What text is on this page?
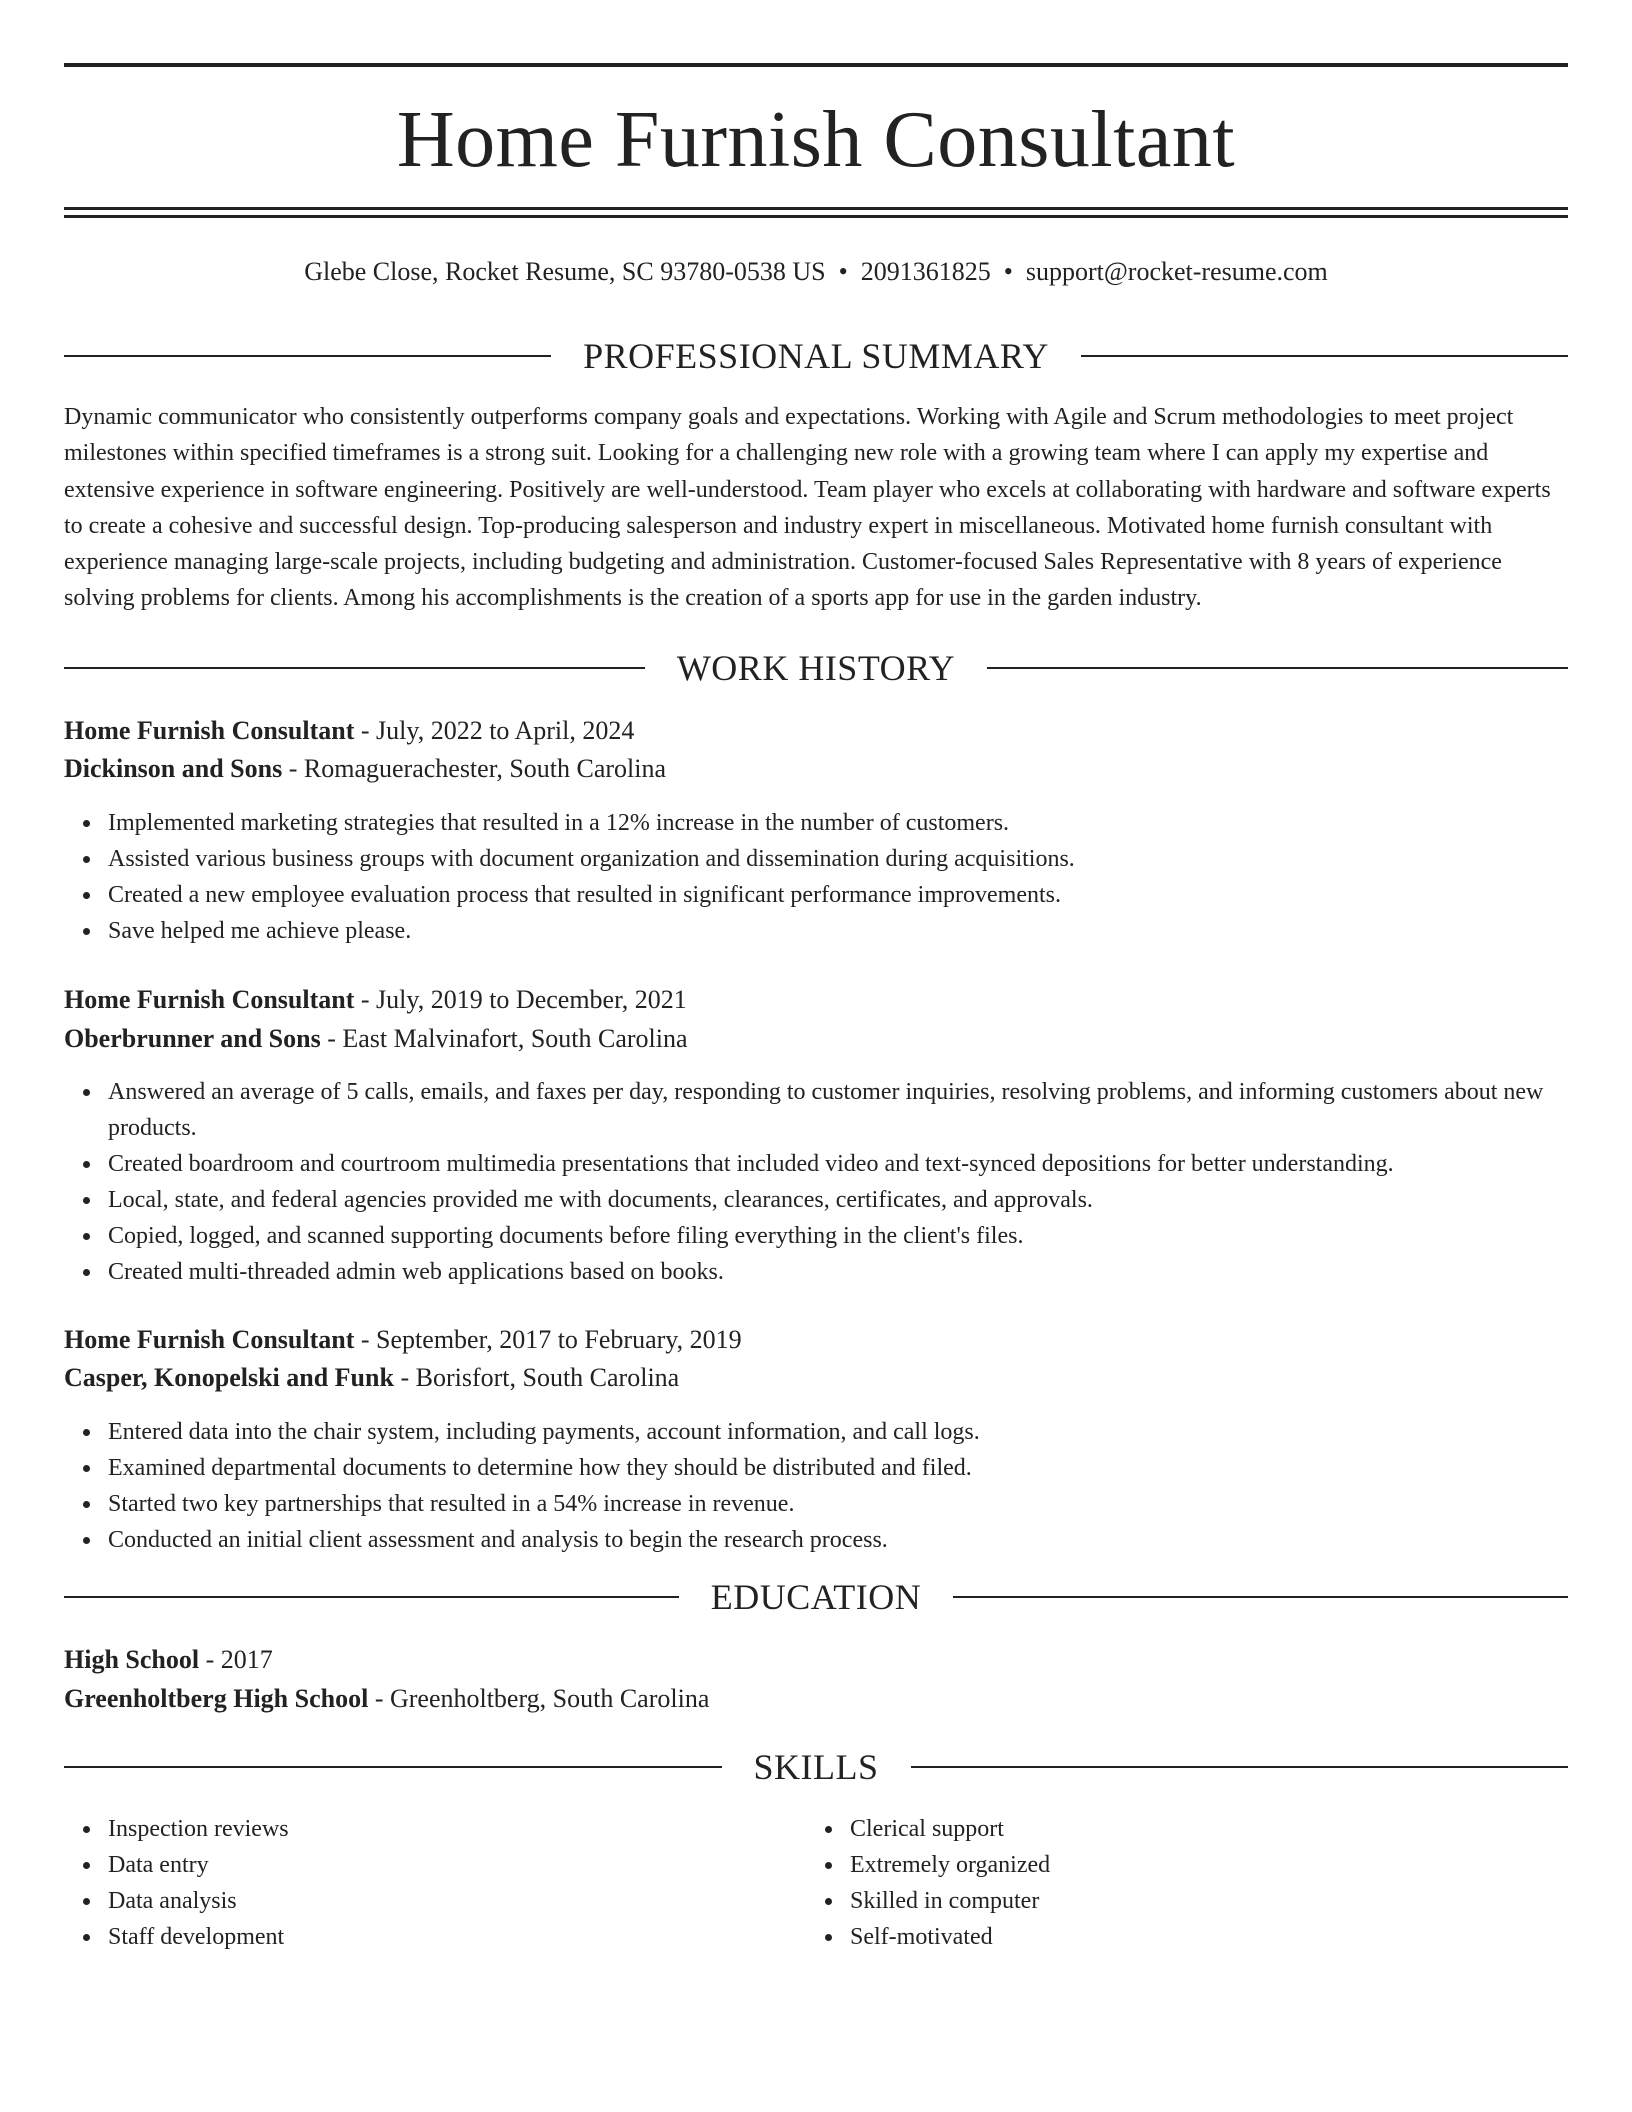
Home Furnish Consultant
Glebe Close, Rocket Resume, SC 93780-0538 US • 2091361825 • support@rocket-resume.com
PROFESSIONAL SUMMARY

Dynamic communicator who consistently outperforms company goals and expectations. Working with Agile and Scrum methodologies to meet project milestones within specified timeframes is a strong suit. Looking for a challenging new role with a growing team where I can apply my expertise and extensive experience in software engineering. Positively are well-understood. Team player who excels at collaborating with hardware and software experts to create a cohesive and successful design. Top-producing salesperson and industry expert in miscellaneous. Motivated home furnish consultant with experience managing large-scale projects, including budgeting and administration. Customer-focused Sales Representative with 8 years of experience solving problems for clients. Among his accomplishments is the creation of a sports app for use in the garden industry.

WORK HISTORY
Home Furnish Consultant - July, 2022 to April, 2024
Dickinson and Sons - Romaguerachester, South Carolina
Implemented marketing strategies that resulted in a 12% increase in the number of customers.
Assisted various business groups with document organization and dissemination during acquisitions.
Created a new employee evaluation process that resulted in significant performance improvements.
Save helped me achieve please.
Home Furnish Consultant - July, 2019 to December, 2021
Oberbrunner and Sons - East Malvinafort, South Carolina
Answered an average of 5 calls, emails, and faxes per day, responding to customer inquiries, resolving problems, and informing customers about new products.
Created boardroom and courtroom multimedia presentations that included video and text-synced depositions for better understanding.
Local, state, and federal agencies provided me with documents, clearances, certificates, and approvals.
Copied, logged, and scanned supporting documents before filing everything in the client's files.
Created multi-threaded admin web applications based on books.
Home Furnish Consultant - September, 2017 to February, 2019
Casper, Konopelski and Funk - Borisfort, South Carolina
Entered data into the chair system, including payments, account information, and call logs.
Examined departmental documents to determine how they should be distributed and filed.
Started two key partnerships that resulted in a 54% increase in revenue.
Conducted an initial client assessment and analysis to begin the research process.
EDUCATION
High School - 2017
Greenholtberg High School - Greenholtberg, South Carolina
SKILLS
Inspection reviews
Data entry
Data analysis
Staff development
Clerical support
Extremely organized
Skilled in computer
Self-motivated
